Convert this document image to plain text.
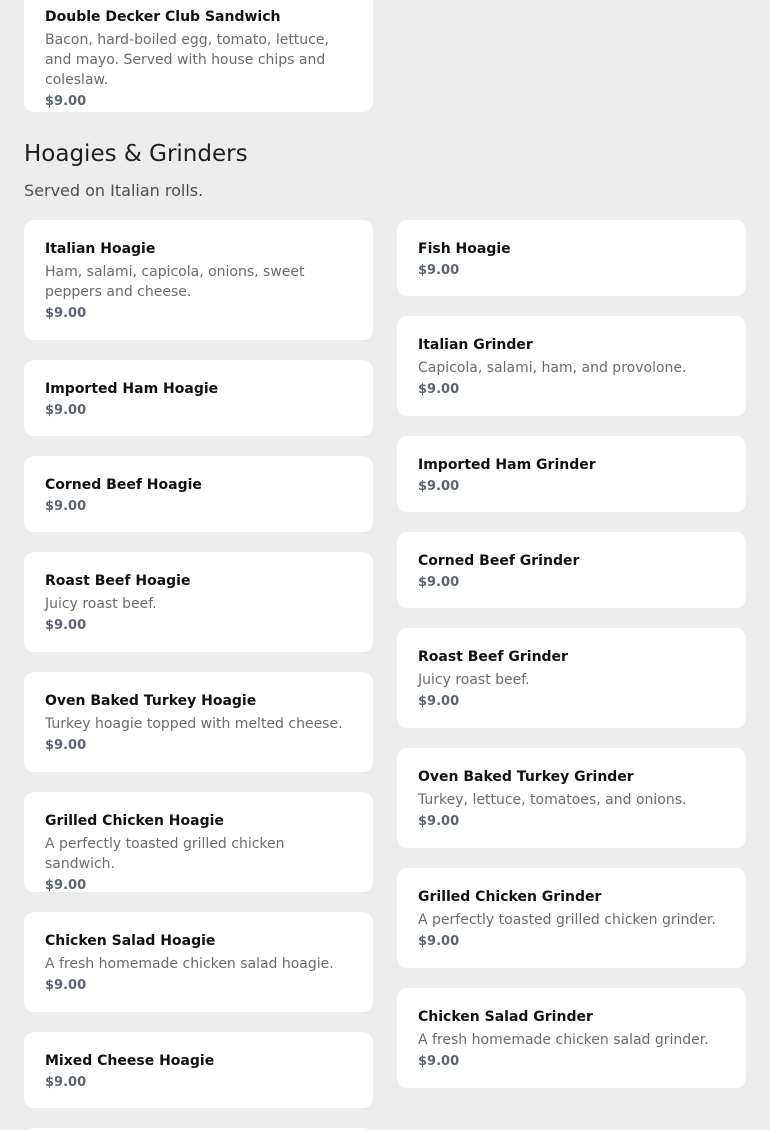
Double Decker Club Sandwich
Bacon, hard-boiled egg, tomato, lettuce, and mayo. Served with house chips and coleslaw.
$9.00
Hoagies & Grinders
Served on Italian rolls.
Italian Hoagie
Ham, salami, capicola, onions, sweet peppers and cheese.
$9.00
Imported Ham Hoagie
$9.00
Corned Beef Hoagie
$9.00
Roast Beef Hoagie
Juicy roast beef.
$9.00
Oven Baked Turkey Hoagie
Turkey hoagie topped with melted cheese.
$9.00
Grilled Chicken Hoagie
A perfectly toasted grilled chicken sandwich.
$9.00
Chicken Salad Hoagie
A fresh homemade chicken salad hoagie.
$9.00
Mixed Cheese Hoagie
$9.00
Fish Hoagie
$9.00
Italian Grinder
Capicola, salami, ham, and provolone.
$9.00
Imported Ham Grinder
$9.00
Corned Beef Grinder
$9.00
Roast Beef Grinder
Juicy roast beef.
$9.00
Oven Baked Turkey Grinder
Turkey, lettuce, tomatoes, and onions.
$9.00
Grilled Chicken Grinder
A perfectly toasted grilled chicken grinder.
$9.00
Chicken Salad Grinder
A fresh homemade chicken salad grinder.
$9.00
